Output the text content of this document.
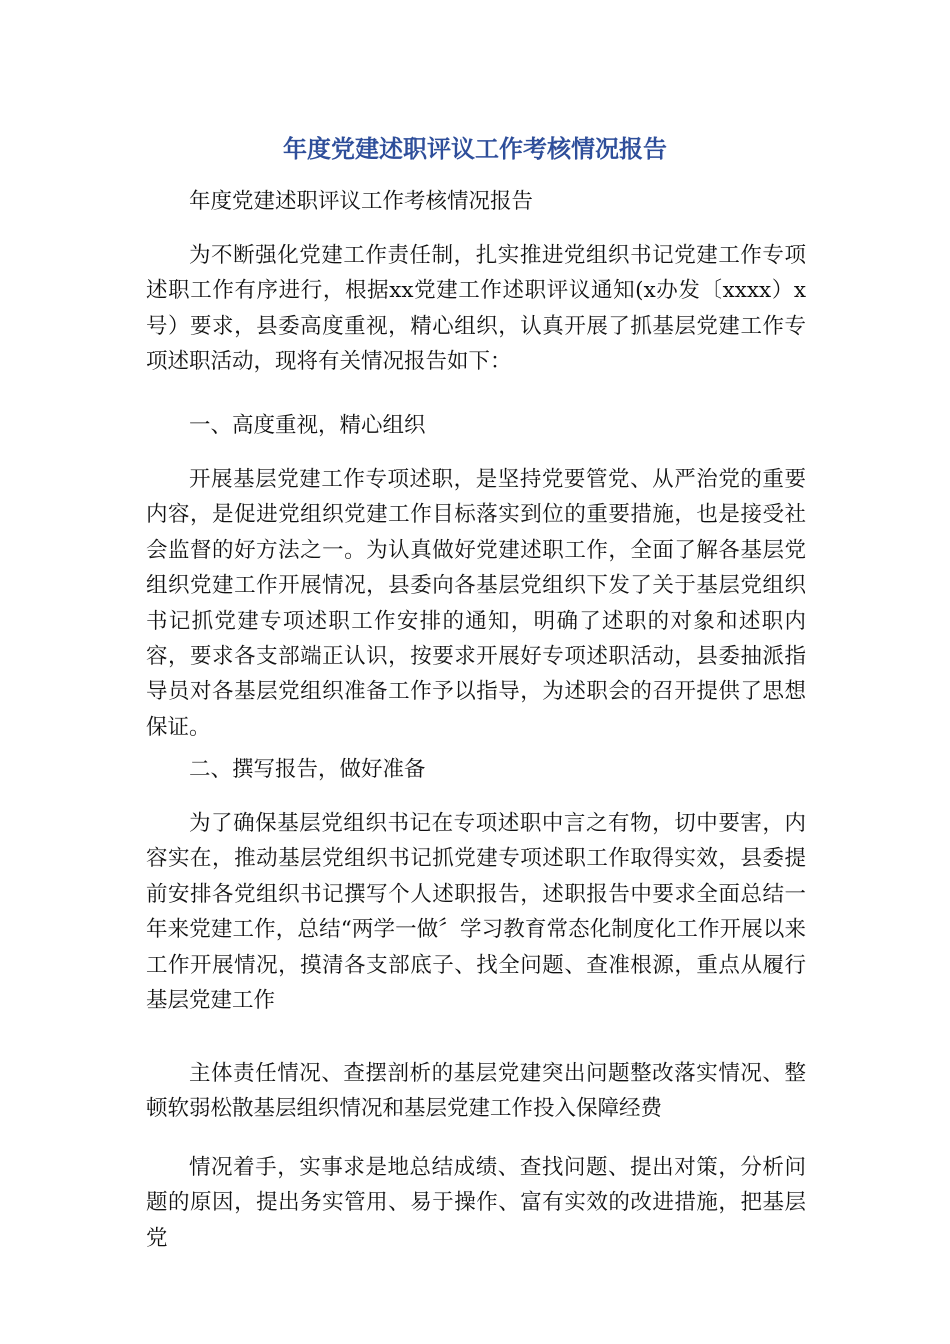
年度党建述职评议工作考核情况报告

年度党建述职评议工作考核情况报告

为不断强化党建工作责任制，扎实推进党组织书记党建工作专项述职工作有序进行，根据xx党建工作述职评议通知(x办发〔xxxx）x号）要求，县委高度重视，精心组织，认真开展了抓基层党建工作专项述职活动，现将有关情况报告如下：

一、高度重视，精心组织

开展基层党建工作专项述职，是坚持党要管党、从严治党的重要内容，是促进党组织党建工作目标落实到位的重要措施，也是接受社会监督的好方法之一。为认真做好党建述职工作，全面了解各基层党组织党建工作开展情况，县委向各基层党组织下发了关于基层党组织书记抓党建专项述职工作安排的通知，明确了述职的对象和述职内容，要求各支部端正认识，按要求开展好专项述职活动，县委抽派指导员对各基层党组织准备工作予以指导，为述职会的召开提供了思想保证。

二、撰写报告，做好准备

为了确保基层党组织书记在专项述职中言之有物，切中要害，内容实在，推动基层党组织书记抓党建专项述职工作取得实效，县委提前安排各党组织书记撰写个人述职报告，述职报告中要求全面总结一年来党建工作，总结“两学一做〞学习教育常态化制度化工作开展以来工作开展情况，摸清各支部底子、找全问题、查准根源，重点从履行基层党建工作

主体责任情况、查摆剖析的基层党建突出问题整改落实情况、整顿软弱松散基层组织情况和基层党建工作投入保障经费

情况着手，实事求是地总结成绩、查找问题、提出对策，分析问题的原因，提出务实管用、易于操作、富有实效的改进措施，把基层党
